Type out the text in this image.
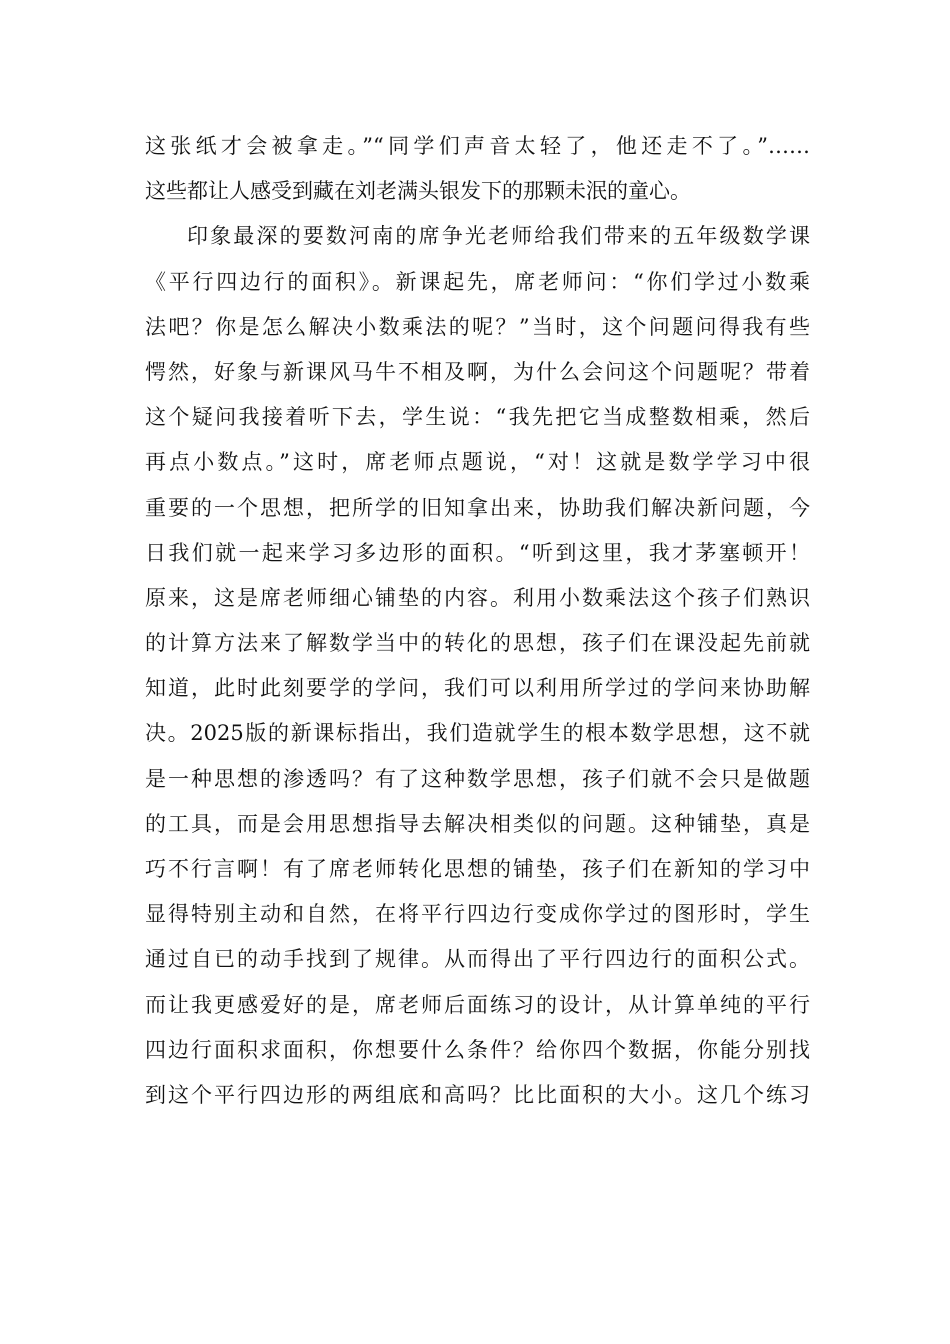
这张纸才会被拿走。”“同学们声音太轻了，他还走不了。”……
这些都让人感受到藏在刘老满头银发下的那颗未泯的童心。
印象最深的要数河南的席争光老师给我们带来的五年级数学课
《平行四边行的面积》。新课起先，席老师问：“你们学过小数乘
法吧？你是怎么解决小数乘法的呢？”当时，这个问题问得我有些
愕然，好象与新课风马牛不相及啊，为什么会问这个问题呢？带着
这个疑问我接着听下去，学生说：“我先把它当成整数相乘，然后
再点小数点。”这时，席老师点题说，“对！这就是数学学习中很
重要的一个思想，把所学的旧知拿出来，协助我们解决新问题，今
日我们就一起来学习多边形的面积。“听到这里，我才茅塞顿开！
原来，这是席老师细心铺垫的内容。利用小数乘法这个孩子们熟识
的计算方法来了解数学当中的转化的思想，孩子们在课没起先前就
知道，此时此刻要学的学问，我们可以利用所学过的学问来协助解
决。2025版的新课标指出，我们造就学生的根本数学思想，这不就
是一种思想的渗透吗？有了这种数学思想，孩子们就不会只是做题
的工具，而是会用思想指导去解决相类似的问题。这种铺垫，真是
巧不行言啊！有了席老师转化思想的铺垫，孩子们在新知的学习中
显得特别主动和自然，在将平行四边行变成你学过的图形时，学生
通过自已的动手找到了规律。从而得出了平行四边行的面积公式。
而让我更感爱好的是，席老师后面练习的设计，从计算单纯的平行
四边行面积求面积，你想要什么条件？给你四个数据，你能分别找
到这个平行四边形的两组底和高吗？比比面积的大小。这几个练习
